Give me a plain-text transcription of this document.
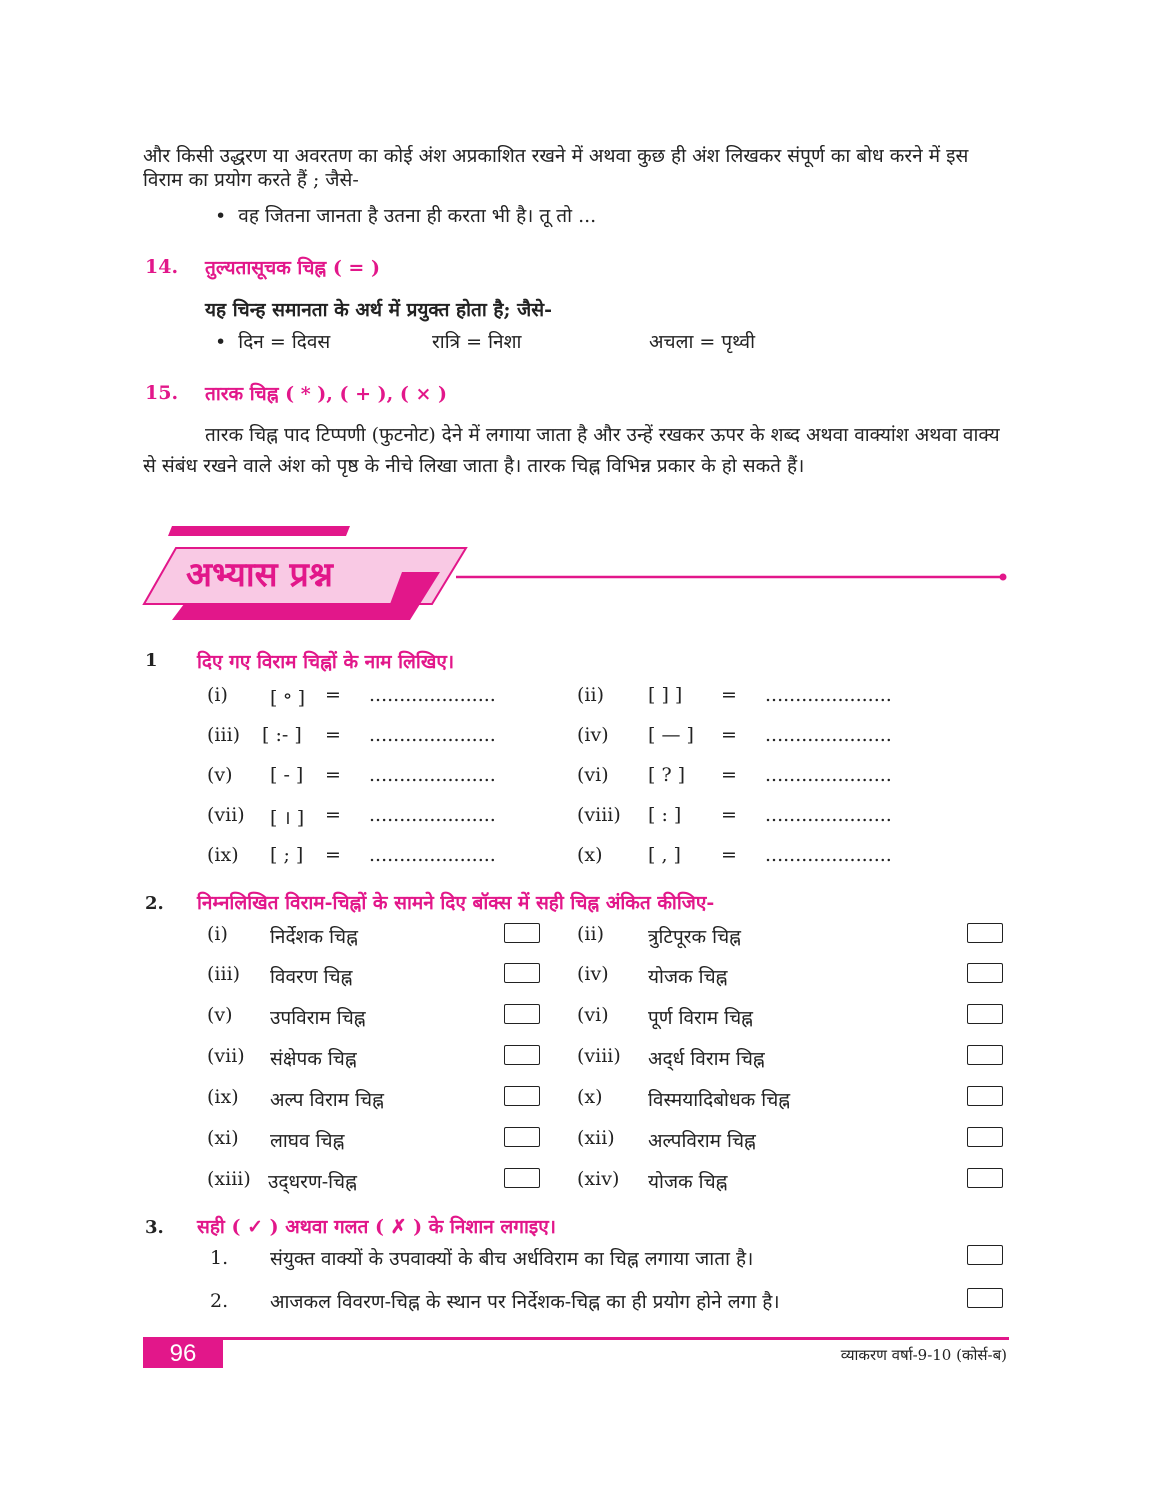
और किसी उद्धरण या अवरतण का कोई अंश अप्रकाशित रखने में अथवा कुछ ही अंश लिखकर संपूर्ण का बोध करने में इस विराम का प्रयोग करते हैं ; जैसे-
•  वह जितना जानता है उतना ही करता भी है। तू तो ...
14. तुल्यतासूचक चिह्न ( = )
यह चिन्ह समानता के अर्थ में प्रयुक्त होता है; जैसे-
•  दिन = दिवस	रात्रि = निशा	अचला = पृथ्वी
15. तारक चिह्न ( * ), ( + ), ( × )
तारक चिह्न पाद टिप्पणी (फुटनोट) देने में लगाया जाता है और उन्हें रखकर ऊपर के शब्द अथवा वाक्यांश अथवा वाक्य से संबंध रखने वाले अंश को पृष्ठ के नीचे लिखा जाता है। तारक चिह्न विभिन्न प्रकार के हो सकते हैं।
अभ्यास प्रश्न
1 दिए गए विराम चिह्नों के नाम लिखिए।
(i) [ ॰ ] = .....................	(ii) [ ] ] = .....................
(iii) [ :- ] = .....................	(iv) [ — ] = .....................
(v) [ - ] = .....................	(vi) [ ? ] = .....................
(vii) [ । ] = .....................	(viii) [ : ] = .....................
(ix) [ ; ] = .....................	(x) [ , ] = .....................
2. निम्नलिखित विराम-चिह्नों के सामने दिए बॉक्स में सही चिह्न अंकित कीजिए-
(i) निर्देशक चिह्न	(ii) त्रुटिपूरक चिह्न
(iii) विवरण चिह्न	(iv) योजक चिह्न
(v) उपविराम चिह्न	(vi) पूर्ण विराम चिह्न
(vii) संक्षेपक चिह्न	(viii) अद्‌र्ध विराम चिह्न
(ix) अल्प विराम चिह्न	(x) विस्मयादिबोधक चिह्न
(xi) लाघव चिह्न	(xii) अल्पविराम चिह्न
(xiii) उद्‌धरण-चिह्न	(xiv) योजक चिह्न
3. सही ( ✓ ) अथवा गलत ( ✗ ) के निशान लगाइए।
1. संयुक्त वाक्यों के उपवाक्यों के बीच अर्धविराम का चिह्न लगाया जाता है।
2. आजकल विवरण-चिह्न के स्थान पर निर्देशक-चिह्न का ही प्रयोग होने लगा है।
96	व्याकरण वर्षा-9-10 (कोर्स-ब)
